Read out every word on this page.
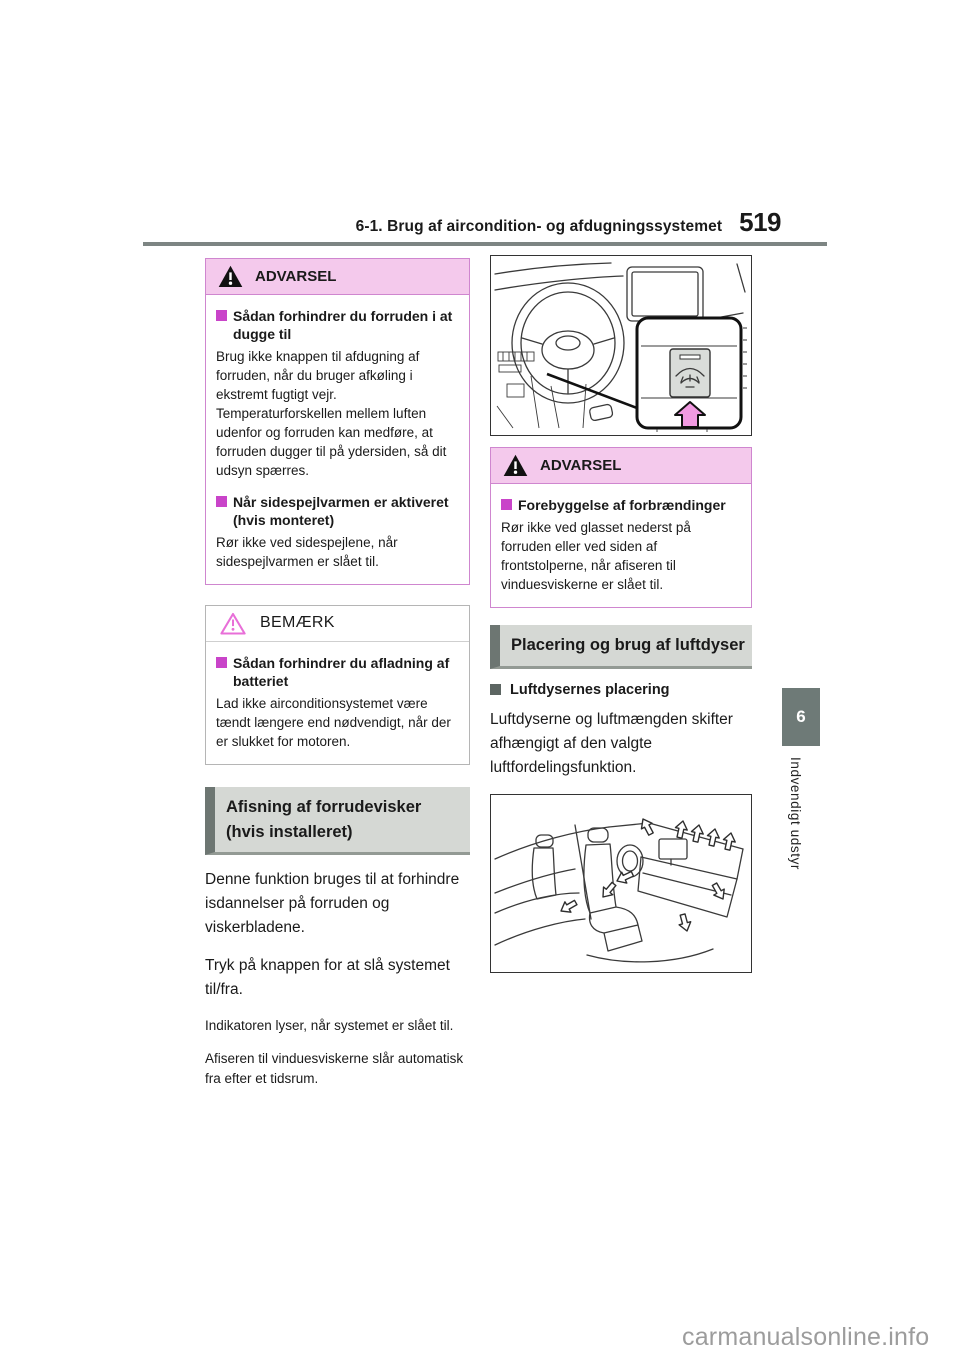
6-1. Brug af aircondition- og afdugningssystemet 519
ADVARSEL
Sådan forhindrer du forruden i at dugge til

Brug ikke knappen til afdugning af forruden, når du bruger afkøling i ekstremt fugtigt vejr. Temperaturforskellen mellem luften udenfor og forruden kan medføre, at forruden dugger til på ydersiden, så dit udsyn spærres.

Når sidespejlvarmen er aktiveret (hvis monteret)

Rør ikke ved sidespejlene, når sidespejlvarmen er slået til.

BEMÆRK
Sådan forhindrer du afladning af batteriet

Lad ikke airconditionsystemet være tændt længere end nødvendigt, når der er slukket for motoren.

Afisning af forrudevisker (hvis installeret)

Denne funktion bruges til at forhindre isdannelser på forruden og viskerbladene.

Tryk på knappen for at slå systemet til/fra.

Indikatoren lyser, når systemet er slået til.

Afiseren til vinduesviskerne slår automatisk fra efter et tidsrum.

ADVARSEL
Forebyggelse af forbrændinger

Rør ikke ved glasset nederst på forruden eller ved siden af frontstolperne, når afiseren til vinduesviskerne er slået til.

Placering og brug af luftdyser
Luftdysernes placering

Luftdyserne og luftmængden skifter afhængigt af den valgte luftfordelingsfunktion.

6
Indvendigt udstyr
carmanualsonline.info
